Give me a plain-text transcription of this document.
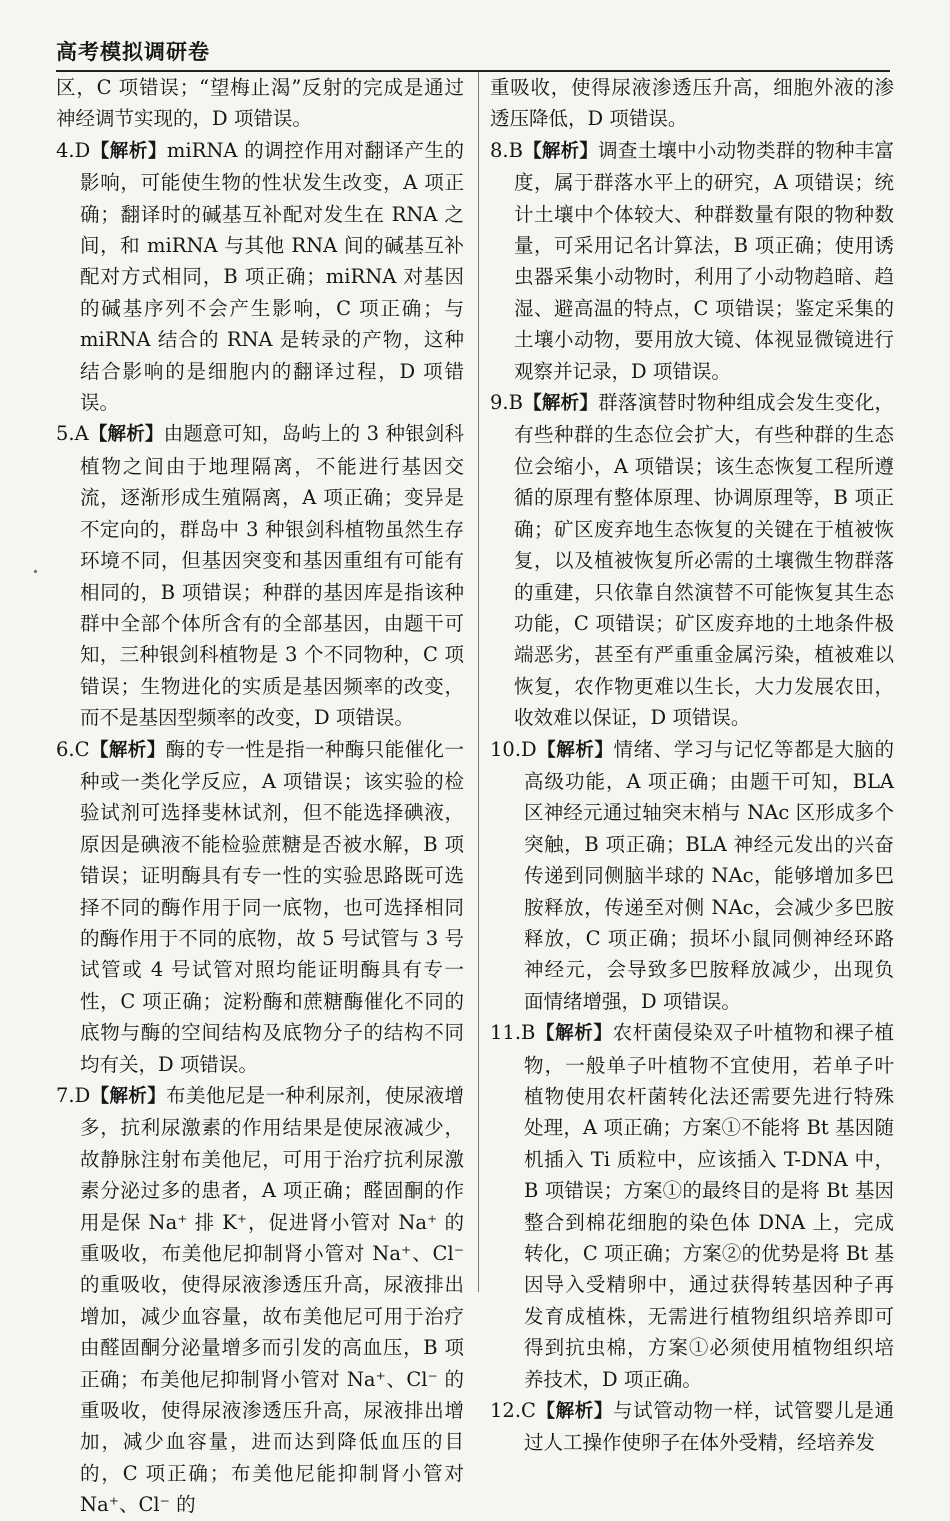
高考模拟调研卷

区，C 项错误；“望梅止渴”反射的完成是通过神经调节实现的，D 项错误。

4.D【解析】miRNA 的调控作用对翻译产生的影响，可能使生物的性状发生改变，A 项正确；翻译时的碱基互补配对发生在 RNA 之间，和 miRNA 与其他 RNA 间的碱基互补配对方式相同，B 项正确；miRNA 对基因的碱基序列不会产生影响，C 项正确；与 miRNA 结合的 RNA 是转录的产物，这种结合影响的是细胞内的翻译过程，D 项错误。

5.A【解析】由题意可知，岛屿上的 3 种银剑科植物之间由于地理隔离，不能进行基因交流，逐渐形成生殖隔离，A 项正确；变异是不定向的，群岛中 3 种银剑科植物虽然生存环境不同，但基因突变和基因重组有可能有相同的，B 项错误；种群的基因库是指该种群中全部个体所含有的全部基因，由题干可知，三种银剑科植物是 3 个不同物种，C 项错误；生物进化的实质是基因频率的改变，而不是基因型频率的改变，D 项错误。

6.C【解析】酶的专一性是指一种酶只能催化一种或一类化学反应，A 项错误；该实验的检验试剂可选择斐林试剂，但不能选择碘液，原因是碘液不能检验蔗糖是否被水解，B 项错误；证明酶具有专一性的实验思路既可选择不同的酶作用于同一底物，也可选择相同的酶作用于不同的底物，故 5 号试管与 3 号试管或 4 号试管对照均能证明酶具有专一性，C 项正确；淀粉酶和蔗糖酶催化不同的底物与酶的空间结构及底物分子的结构不同均有关，D 项错误。

7.D【解析】布美他尼是一种利尿剂，使尿液增多，抗利尿激素的作用结果是使尿液减少，故静脉注射布美他尼，可用于治疗抗利尿激素分泌过多的患者，A 项正确；醛固酮的作用是保 Na⁺ 排 K⁺，促进肾小管对 Na⁺ 的重吸收，布美他尼抑制肾小管对 Na⁺、Cl⁻ 的重吸收，使得尿液渗透压升高，尿液排出增加，减少血容量，故布美他尼可用于治疗由醛固酮分泌量增多而引发的高血压，B 项正确；布美他尼抑制肾小管对 Na⁺、Cl⁻ 的重吸收，使得尿液渗透压升高，尿液排出增加，减少血容量，进而达到降低血压的目的，C 项正确；布美他尼能抑制肾小管对 Na⁺、Cl⁻ 的

重吸收，使得尿液渗透压升高，细胞外液的渗透压降低，D 项错误。

8.B【解析】调查土壤中小动物类群的物种丰富度，属于群落水平上的研究，A 项错误；统计土壤中个体较大、种群数量有限的物种数量，可采用记名计算法，B 项正确；使用诱虫器采集小动物时，利用了小动物趋暗、趋湿、避高温的特点，C 项错误；鉴定采集的土壤小动物，要用放大镜、体视显微镜进行观察并记录，D 项错误。

9.B【解析】群落演替时物种组成会发生变化，有些种群的生态位会扩大，有些种群的生态位会缩小，A 项错误；该生态恢复工程所遵循的原理有整体原理、协调原理等，B 项正确；矿区废弃地生态恢复的关键在于植被恢复，以及植被恢复所必需的土壤微生物群落的重建，只依靠自然演替不可能恢复其生态功能，C 项错误；矿区废弃地的土地条件极端恶劣，甚至有严重重金属污染，植被难以恢复，农作物更难以生长，大力发展农田，收效难以保证，D 项错误。

10.D【解析】情绪、学习与记忆等都是大脑的高级功能，A 项正确；由题干可知，BLA 区神经元通过轴突末梢与 NAc 区形成多个突触，B 项正确；BLA 神经元发出的兴奋传递到同侧脑半球的 NAc，能够增加多巴胺释放，传递至对侧 NAc，会减少多巴胺释放，C 项正确；损坏小鼠同侧神经环路神经元，会导致多巴胺释放减少，出现负面情绪增强，D 项错误。

11.B【解析】农杆菌侵染双子叶植物和裸子植物，一般单子叶植物不宜使用，若单子叶植物使用农杆菌转化法还需要先进行特殊处理，A 项正确；方案①不能将 Bt 基因随机插入 Ti 质粒中，应该插入 T-DNA 中，B 项错误；方案①的最终目的是将 Bt 基因整合到棉花细胞的染色体 DNA 上，完成转化，C 项正确；方案②的优势是将 Bt 基因导入受精卵中，通过获得转基因种子再发育成植株，无需进行植物组织培养即可得到抗虫棉，方案①必须使用植物组织培养技术，D 项正确。

12.C【解析】与试管动物一样，试管婴儿是通过人工操作使卵子在体外受精，经培养发
